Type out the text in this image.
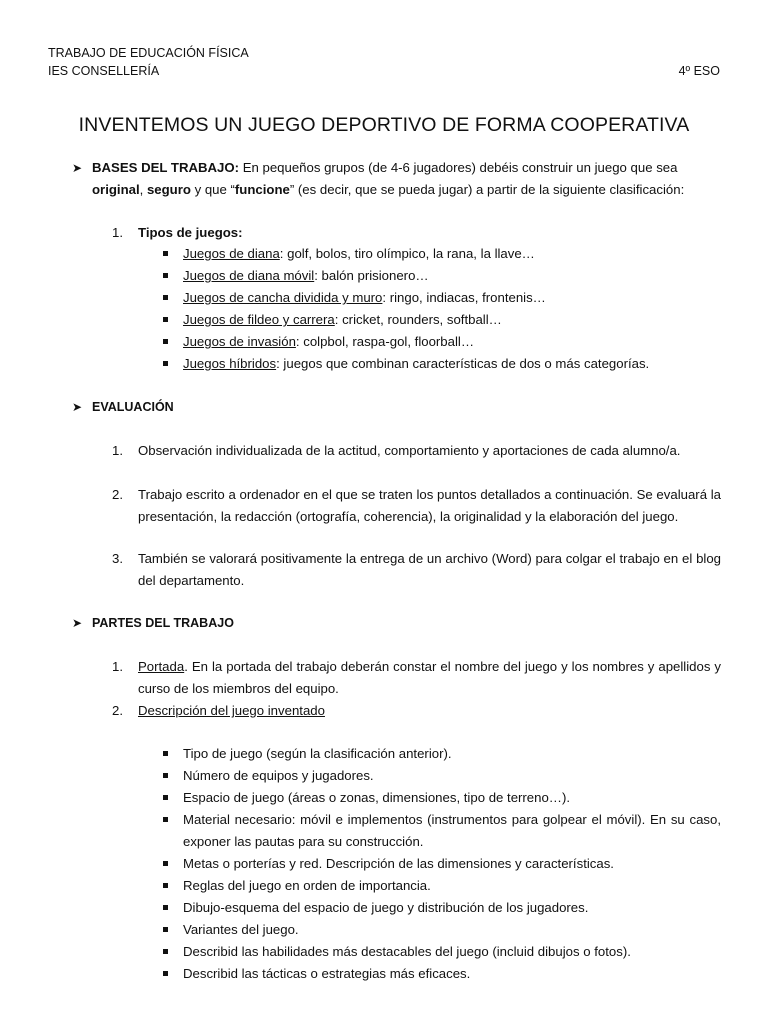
TRABAJO DE EDUCACIÓN FÍSICA
IES CONSELLERÍA	4º ESO
INVENTEMOS UN JUEGO DEPORTIVO DE FORMA COOPERATIVA
➤ BASES DEL TRABAJO: En pequeños grupos (de 4-6 jugadores) debéis construir un juego que sea
original, seguro y que “funcione” (es decir, que se pueda jugar) a partir de la siguiente clasificación:
1.	Tipos de juegos:
Juegos de diana: golf, bolos, tiro olímpico, la rana, la llave…
Juegos de diana móvil: balón prisionero…
Juegos de cancha dividida y muro: ringo, indiacas, frontenis…
Juegos de fildeo y carrera: cricket, rounders, softball…
Juegos de invasión: colpbol, raspa-gol, floorball…
Juegos híbridos: juegos que combinan características de dos o más categorías.
➤ EVALUACIÓN
1.	Observación individualizada de la actitud, comportamiento y aportaciones de cada alumno/a.
2.	Trabajo escrito a ordenador en el que se traten los puntos detallados a continuación. Se evaluará la presentación, la redacción (ortografía, coherencia), la originalidad y la elaboración del juego.
3.	También se valorará positivamente la entrega de un archivo (Word) para colgar el trabajo en el blog del departamento.
➤ PARTES DEL TRABAJO
1.	Portada. En la portada del trabajo deberán constar el nombre del juego y los nombres y apellidos y curso de los miembros del equipo.
2.	Descripción del juego inventado
Tipo de juego (según la clasificación anterior).
Número de equipos y jugadores.
Espacio de juego (áreas o zonas, dimensiones, tipo de terreno…).
Material necesario: móvil e implementos (instrumentos para golpear el móvil). En su caso, exponer las pautas para su construcción.
Metas o porterías y red. Descripción de las dimensiones y características.
Reglas del juego en orden de importancia.
Dibujo-esquema del espacio de juego y distribución de los jugadores.
Variantes del juego.
Describid las habilidades más destacables del juego (incluid dibujos o fotos).
Describid las tácticas o estrategias más eficaces.
